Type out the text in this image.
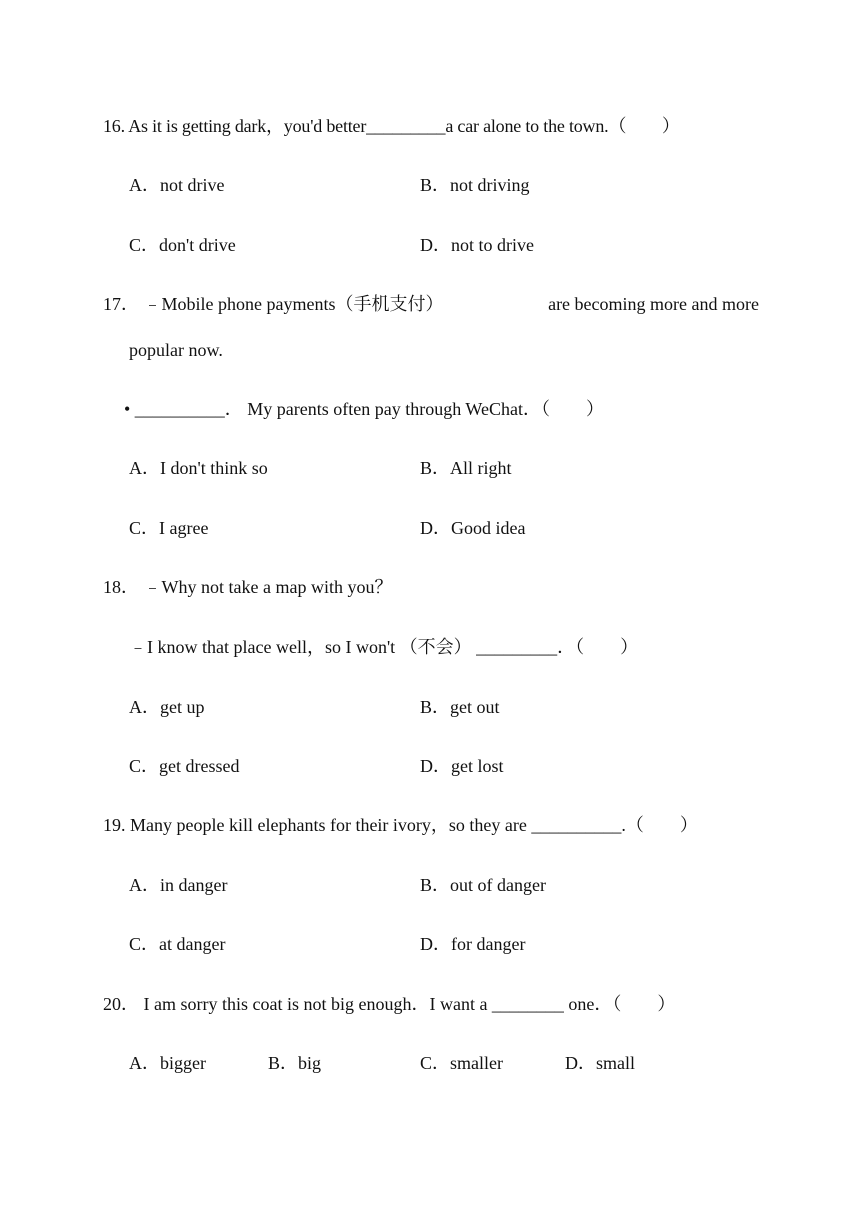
16. As it is getting dark，you'd better_________a car alone to the town.（　　）
A．not drive	B．not driving
C．don't drive	D．not to drive
17． ﹣Mobile phone payments（手机支付）	are becoming more and more
popular now.
• __________． My parents often pay through WeChat．（　　）
A．I don't think so	B．All right
C．I agree	D．Good idea
18． ﹣Why not take a map with you？
﹣I know that place well，so I won't （不会） _________．（　　）
A．get up	B．get out
C．get dressed	D．get lost
19. Many people kill elephants for their ivory，so they are __________.（　　）
A．in danger	B．out of danger
C．at danger	D．for danger
20． I am sorry this coat is not big enough．I want a ________ one．（　　）
A．bigger	B．big	C．smaller	D．small
